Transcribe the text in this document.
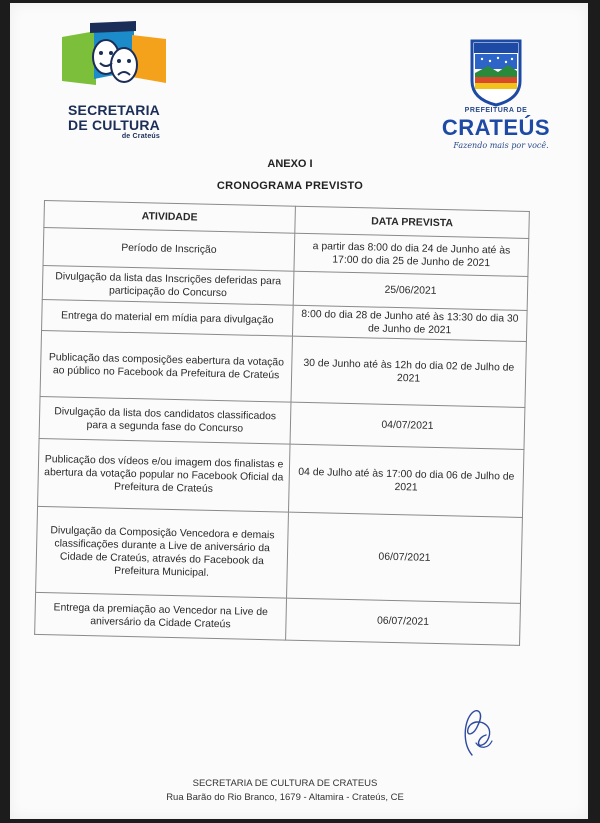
SECRETARIA
DE CULTURA
de Crateús
PREFEITURA DE
CRATEÚS
Fazendo mais por você.
ANEXO I
CRONOGRAMA PREVISTO
ATIVIDADE	DATA PREVISTA
Período de Inscrição	a partir das 8:00 do dia 24 de Junho até às 17:00 do dia 25 de Junho de 2021
Divulgação da lista das Inscrições deferidas para participação do Concurso	25/06/2021
Entrega do material em mídia para divulgação	8:00 do dia 28 de Junho até às 13:30 do dia 30 de Junho de 2021
Publicação das composições eabertura da votação ao público no Facebook da Prefeitura de Crateús	30 de Junho até às 12h do dia 02 de Julho de 2021
Divulgação da lista dos candidatos classificados para a segunda fase do Concurso	04/07/2021
Publicação dos vídeos e/ou imagem dos finalistas e abertura da votação popular no Facebook Oficial da Prefeitura de Crateús	04 de Julho até às 17:00 do dia 06 de Julho de 2021
Divulgação da Composição Vencedora e demais classificações durante a Live de aniversário da Cidade de Crateús, através do Facebook da Prefeitura Municipal.	06/07/2021
Entrega da premiação ao Vencedor na Live de aniversário da Cidade Crateús	06/07/2021
SECRETARIA DE CULTURA DE CRATEUS
Rua Barão do Rio Branco, 1679 - Altamira - Crateús, CE
